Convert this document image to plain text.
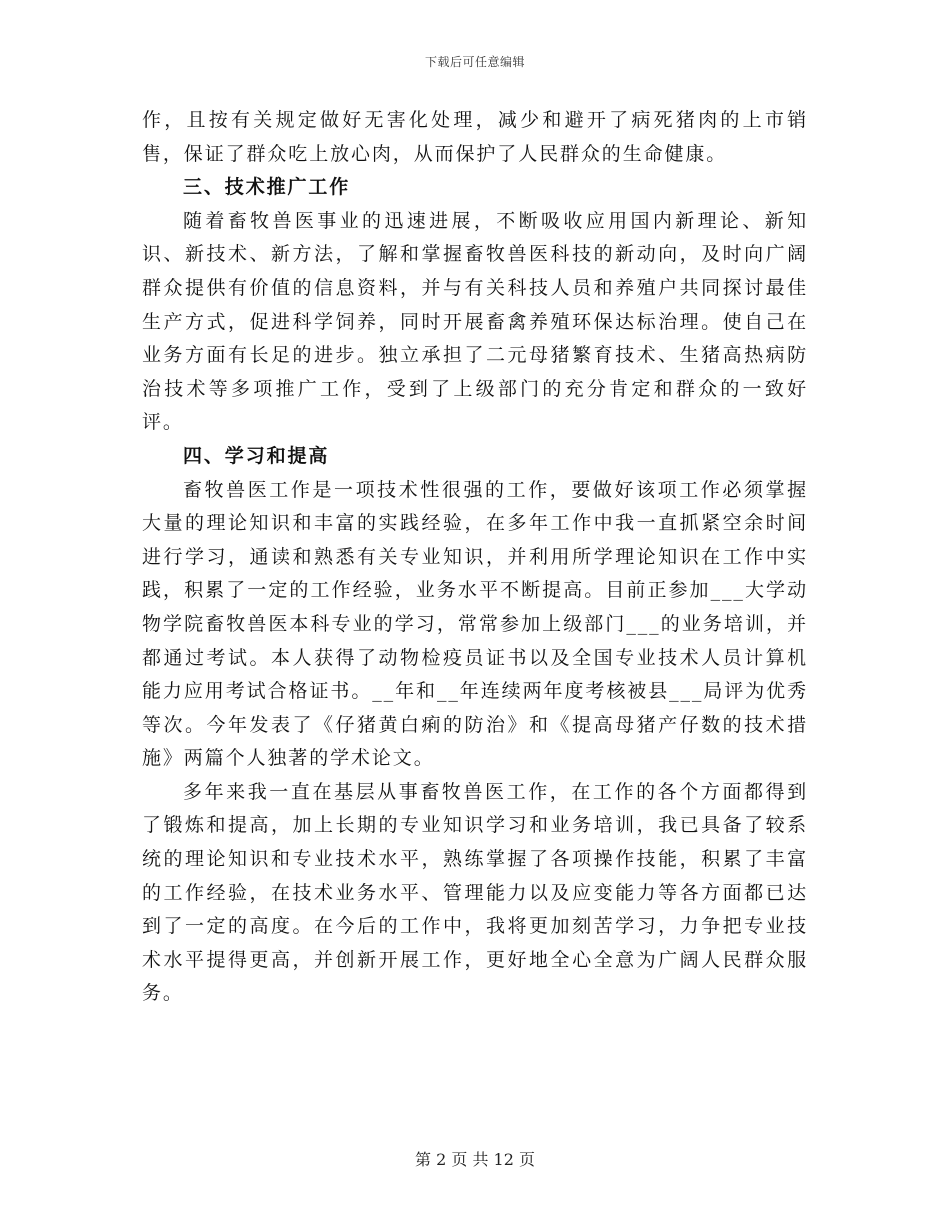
下载后可任意编辑

作，且按有关规定做好无害化处理，减少和避开了病死猪肉的上市销售，保证了群众吃上放心肉，从而保护了人民群众的生命健康。

三、技术推广工作

随着畜牧兽医事业的迅速进展，不断吸收应用国内新理论、新知识、新技术、新方法，了解和掌握畜牧兽医科技的新动向，及时向广阔群众提供有价值的信息资料，并与有关科技人员和养殖户共同探讨最佳生产方式，促进科学饲养，同时开展畜禽养殖环保达标治理。使自己在业务方面有长足的进步。独立承担了二元母猪繁育技术、生猪高热病防治技术等多项推广工作，受到了上级部门的充分肯定和群众的一致好评。

四、学习和提高

畜牧兽医工作是一项技术性很强的工作，要做好该项工作必须掌握大量的理论知识和丰富的实践经验，在多年工作中我一直抓紧空余时间进行学习，通读和熟悉有关专业知识，并利用所学理论知识在工作中实践，积累了一定的工作经验，业务水平不断提高。目前正参加___大学动物学院畜牧兽医本科专业的学习，常常参加上级部门___的业务培训，并都通过考试。本人获得了动物检疫员证书以及全国专业技术人员计算机能力应用考试合格证书。__年和__年连续两年度考核被县___局评为优秀等次。今年发表了《仔猪黄白痢的防治》和《提高母猪产仔数的技术措施》两篇个人独著的学术论文。

多年来我一直在基层从事畜牧兽医工作，在工作的各个方面都得到了锻炼和提高，加上长期的专业知识学习和业务培训，我已具备了较系统的理论知识和专业技术水平，熟练掌握了各项操作技能，积累了丰富的工作经验，在技术业务水平、管理能力以及应变能力等各方面都已达到了一定的高度。在今后的工作中，我将更加刻苦学习，力争把专业技术水平提得更高，并创新开展工作，更好地全心全意为广阔人民群众服务。

第 2 页 共 12 页
